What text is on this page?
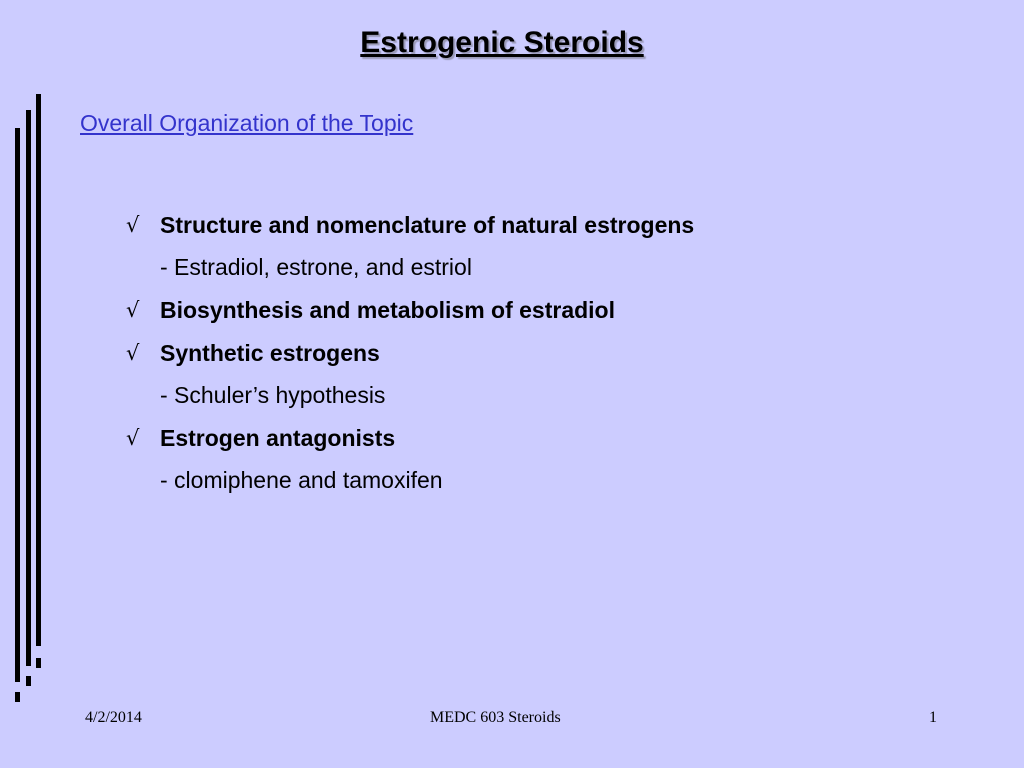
Estrogenic Steroids
Overall Organization of the Topic
√ Structure and nomenclature of natural estrogens
- Estradiol, estrone, and estriol
√ Biosynthesis and metabolism of estradiol
√ Synthetic estrogens
- Schuler’s hypothesis
√ Estrogen antagonists
- clomiphene and tamoxifen
4/2/2014	MEDC 603 Steroids	1
